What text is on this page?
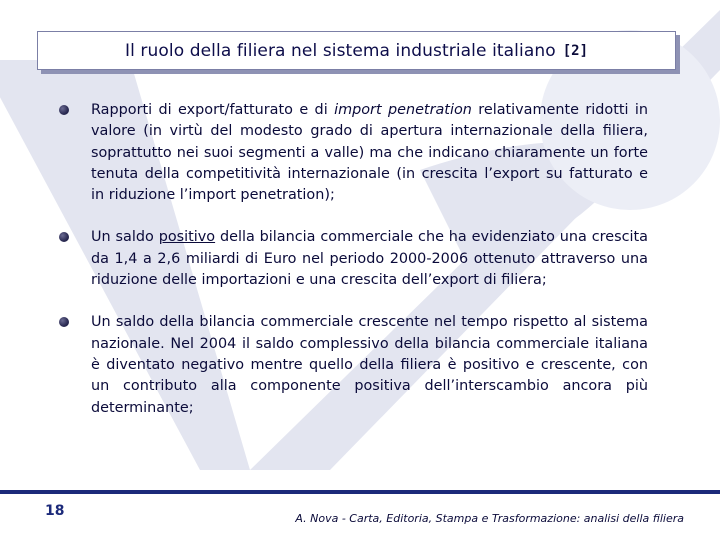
Il ruolo della filiera nel sistema industriale italiano [2]

Rapporti di export/fatturato e di import penetration relativamente ridotti in valore (in virtù del modesto grado di apertura internazionale della filiera, soprattutto nei suoi segmenti a valle) ma che indicano chiaramente un forte tenuta della competitività internazionale (in crescita l’export su fatturato e in riduzione l’import penetration);

Un saldo positivo della bilancia commerciale che ha evidenziato una crescita da 1,4 a 2,6 miliardi di Euro nel periodo 2000-2006 ottenuto attraverso una riduzione delle importazioni e una crescita dell’export di filiera;

Un saldo della bilancia commerciale crescente nel tempo rispetto al sistema nazionale. Nel 2004 il saldo complessivo della bilancia commerciale italiana è diventato negativo mentre quello della filiera è positivo e crescente, con un contributo alla componente positiva dell’interscambio ancora più determinante;

18	A. Nova - Carta, Editoria, Stampa e Trasformazione: analisi della filiera
